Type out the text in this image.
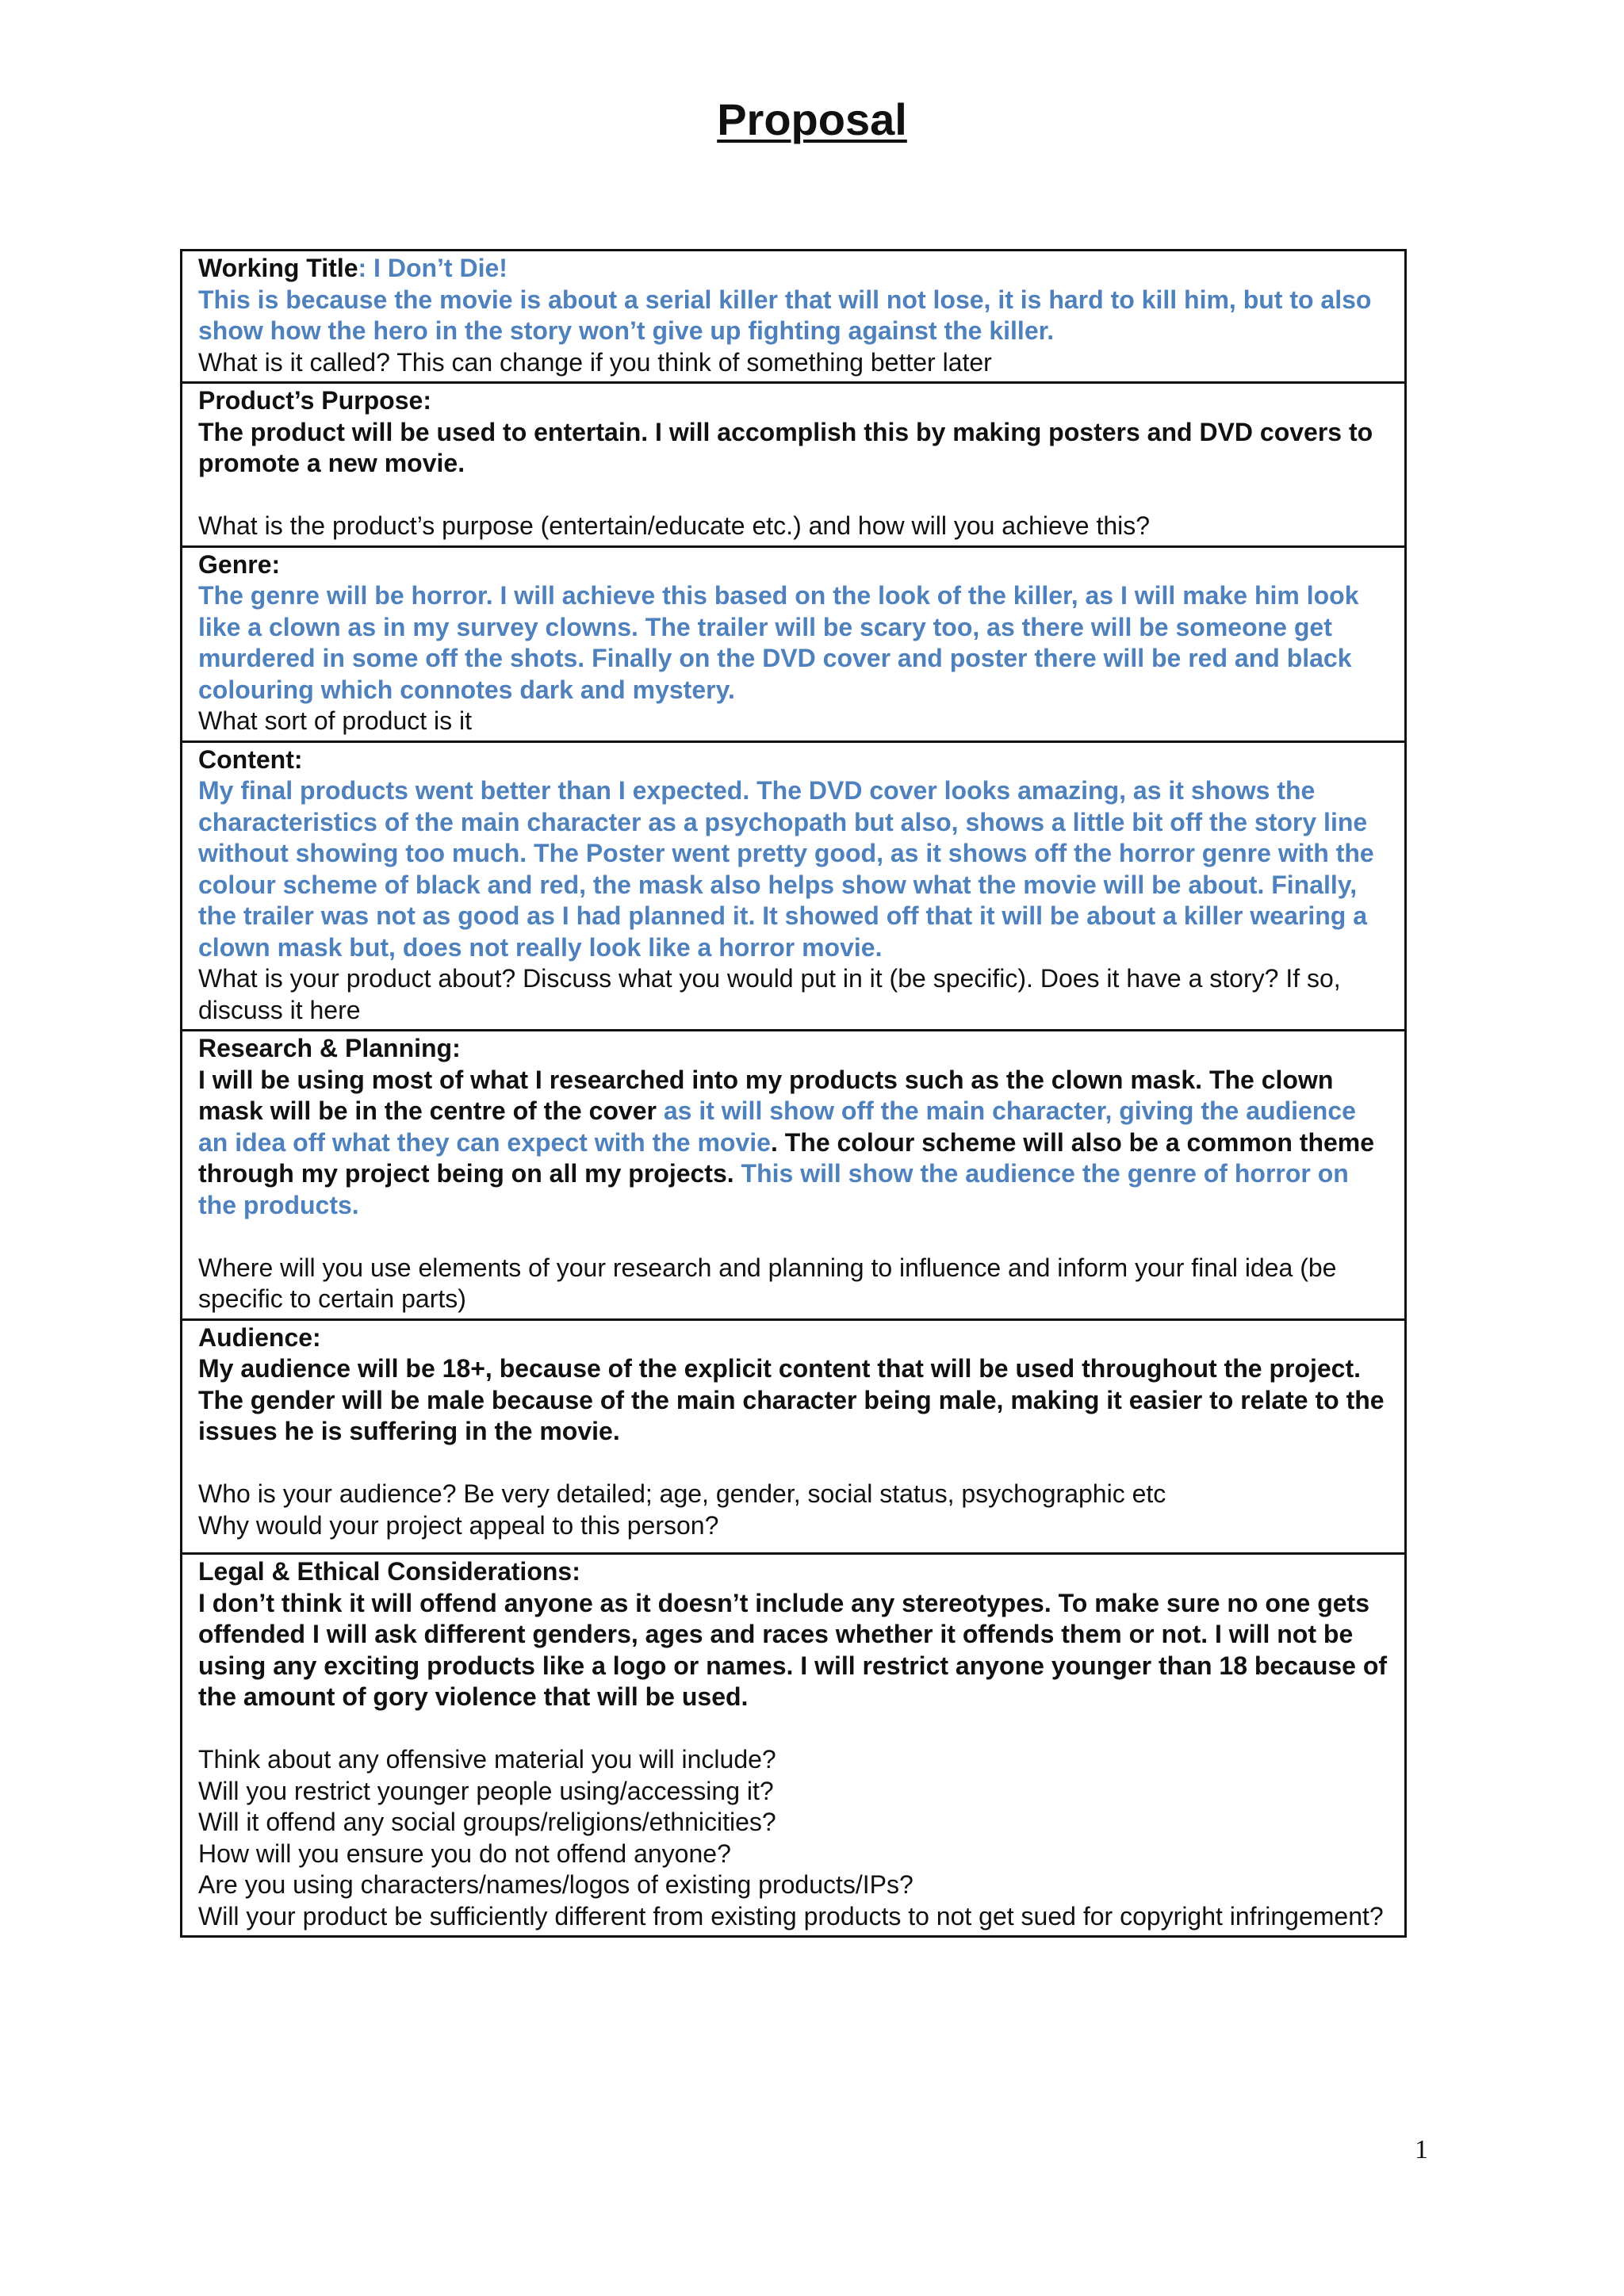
Proposal
Working Title: I Don’t Die!
This is because the movie is about a serial killer that will not lose, it is hard to kill him, but to also show how the hero in the story won’t give up fighting against the killer.
What is it called? This can change if you think of something better later

Product’s Purpose:
The product will be used to entertain. I will accomplish this by making posters and DVD covers to promote a new movie.
What is the product’s purpose (entertain/educate etc.) and how will you achieve this?

Genre:
The genre will be horror. I will achieve this based on the look of the killer, as I will make him look like a clown as in my survey clowns. The trailer will be scary too, as there will be someone get murdered in some off the shots. Finally on the DVD cover and poster there will be red and black colouring which connotes dark and mystery.
What sort of product is it

Content:
My final products went better than I expected. The DVD cover looks amazing, as it shows the characteristics of the main character as a psychopath but also, shows a little bit off the story line without showing too much. The Poster went pretty good, as it shows off the horror genre with the colour scheme of black and red, the mask also helps show what the movie will be about. Finally, the trailer was not as good as I had planned it. It showed off that it will be about a killer wearing a clown mask but, does not really look like a horror movie.
What is your product about? Discuss what you would put in it (be specific). Does it have a story? If so, discuss it here

Research & Planning:
I will be using most of what I researched into my products such as the clown mask. The clown mask will be in the centre of the cover as it will show off the main character, giving the audience an idea off what they can expect with the movie. The colour scheme will also be a common theme through my project being on all my projects. This will show the audience the genre of horror on the products.
Where will you use elements of your research and planning to influence and inform your final idea (be specific to certain parts)

Audience:
My audience will be 18+, because of the explicit content that will be used throughout the project. The gender will be male because of the main character being male, making it easier to relate to the issues he is suffering in the movie.
Who is your audience? Be very detailed; age, gender, social status, psychographic etc
Why would your project appeal to this person?

Legal & Ethical Considerations:
I don’t think it will offend anyone as it doesn’t include any stereotypes. To make sure no one gets offended I will ask different genders, ages and races whether it offends them or not. I will not be using any exciting products like a logo or names. I will restrict anyone younger than 18 because of the amount of gory violence that will be used.
Think about any offensive material you will include?
Will you restrict younger people using/accessing it?
Will it offend any social groups/religions/ethnicities?
How will you ensure you do not offend anyone?
Are you using characters/names/logos of existing products/IPs?
Will your product be sufficiently different from existing products to not get sued for copyright infringement?
1
